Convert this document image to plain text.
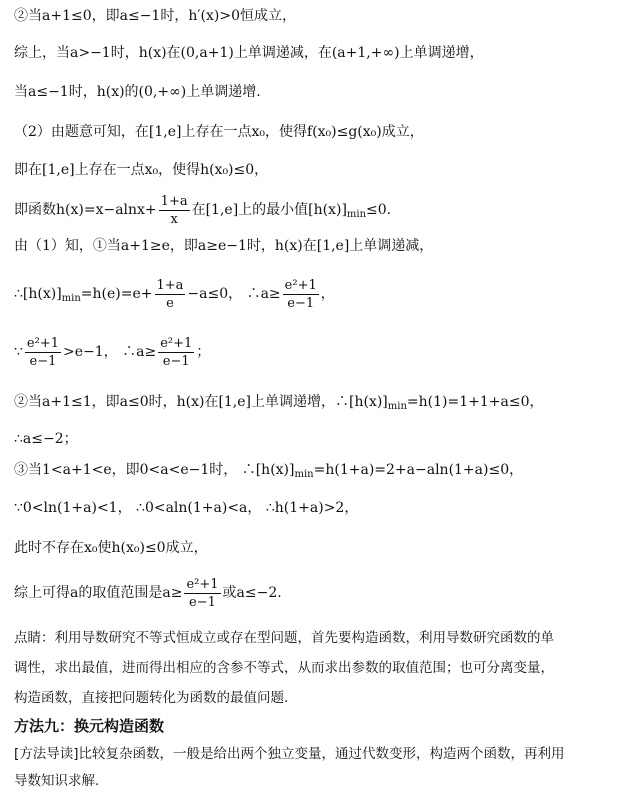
②当a+1≤0，即a≤−1时，h′(x)>0恒成立，
综上，当a>−1时，h(x)在(0,a+1)上单调递减，在(a+1,+∞)上单调递增，
当a≤−1时，h(x)的(0,+∞)上单调递增.
（2）由题意可知，在[1,e]上存在一点x₀，使得f(x₀)≤g(x₀)成立，
即在[1,e]上存在一点x₀，使得h(x₀)≤0，
即函数$h(x)=x-alnx+ \frac{1+a}{x}$ 在[1,e]上的最小值$[h(x)]_{min}\le 0$.
由（1）知，①当a+1≥e，即a≥e−1时，h(x)在[1,e]上单调递减，
$\therefore[h(x)]_{min}=h(e)=e+ \frac{1+a}{e} -a\le 0$， ∴a≥ $\frac{\text{e²+1}}{e-1}$ ，
∵ $\frac{\text{e²+1}}{e-1} >e-1$， ∴a≥ $\frac{\text{e²+1}}{e-1}$ ；
②当a+1≤1，即a≤0时，h(x)在[1,e]上单调递增，$\therefore[h(x)]_{min}=h(1)=1+1+a\le 0$，
∴a≤−2；
③当1<a+1<e，即0<a<e−1时， $\therefore[h(x)]_{min}=h(1+a)=2+a-aln(1+a)\le 0$，
∵0<ln(1+a)<1， ∴0<aln(1+a)<a， ∴h(1+a)>2，
此时不存在x₀使h(x₀)≤0成立，
综上可得a的取值范围是$a\ge \frac{\text{e²+1}}{e-1}$ 或a≤−2.
点睛：利用导数研究不等式恒成立或存在型问题，首先要构造函数，利用导数研究函数的单
调性，求出最值，进而得出相应的含参不等式，从而求出参数的取值范围；也可分离变量，
构造函数，直接把问题转化为函数的最值问题.
方法九：换元构造函数
[方法导读]比较复杂函数，一般是给出两个独立变量，通过代数变形，构造两个函数，再利用
导数知识求解.
